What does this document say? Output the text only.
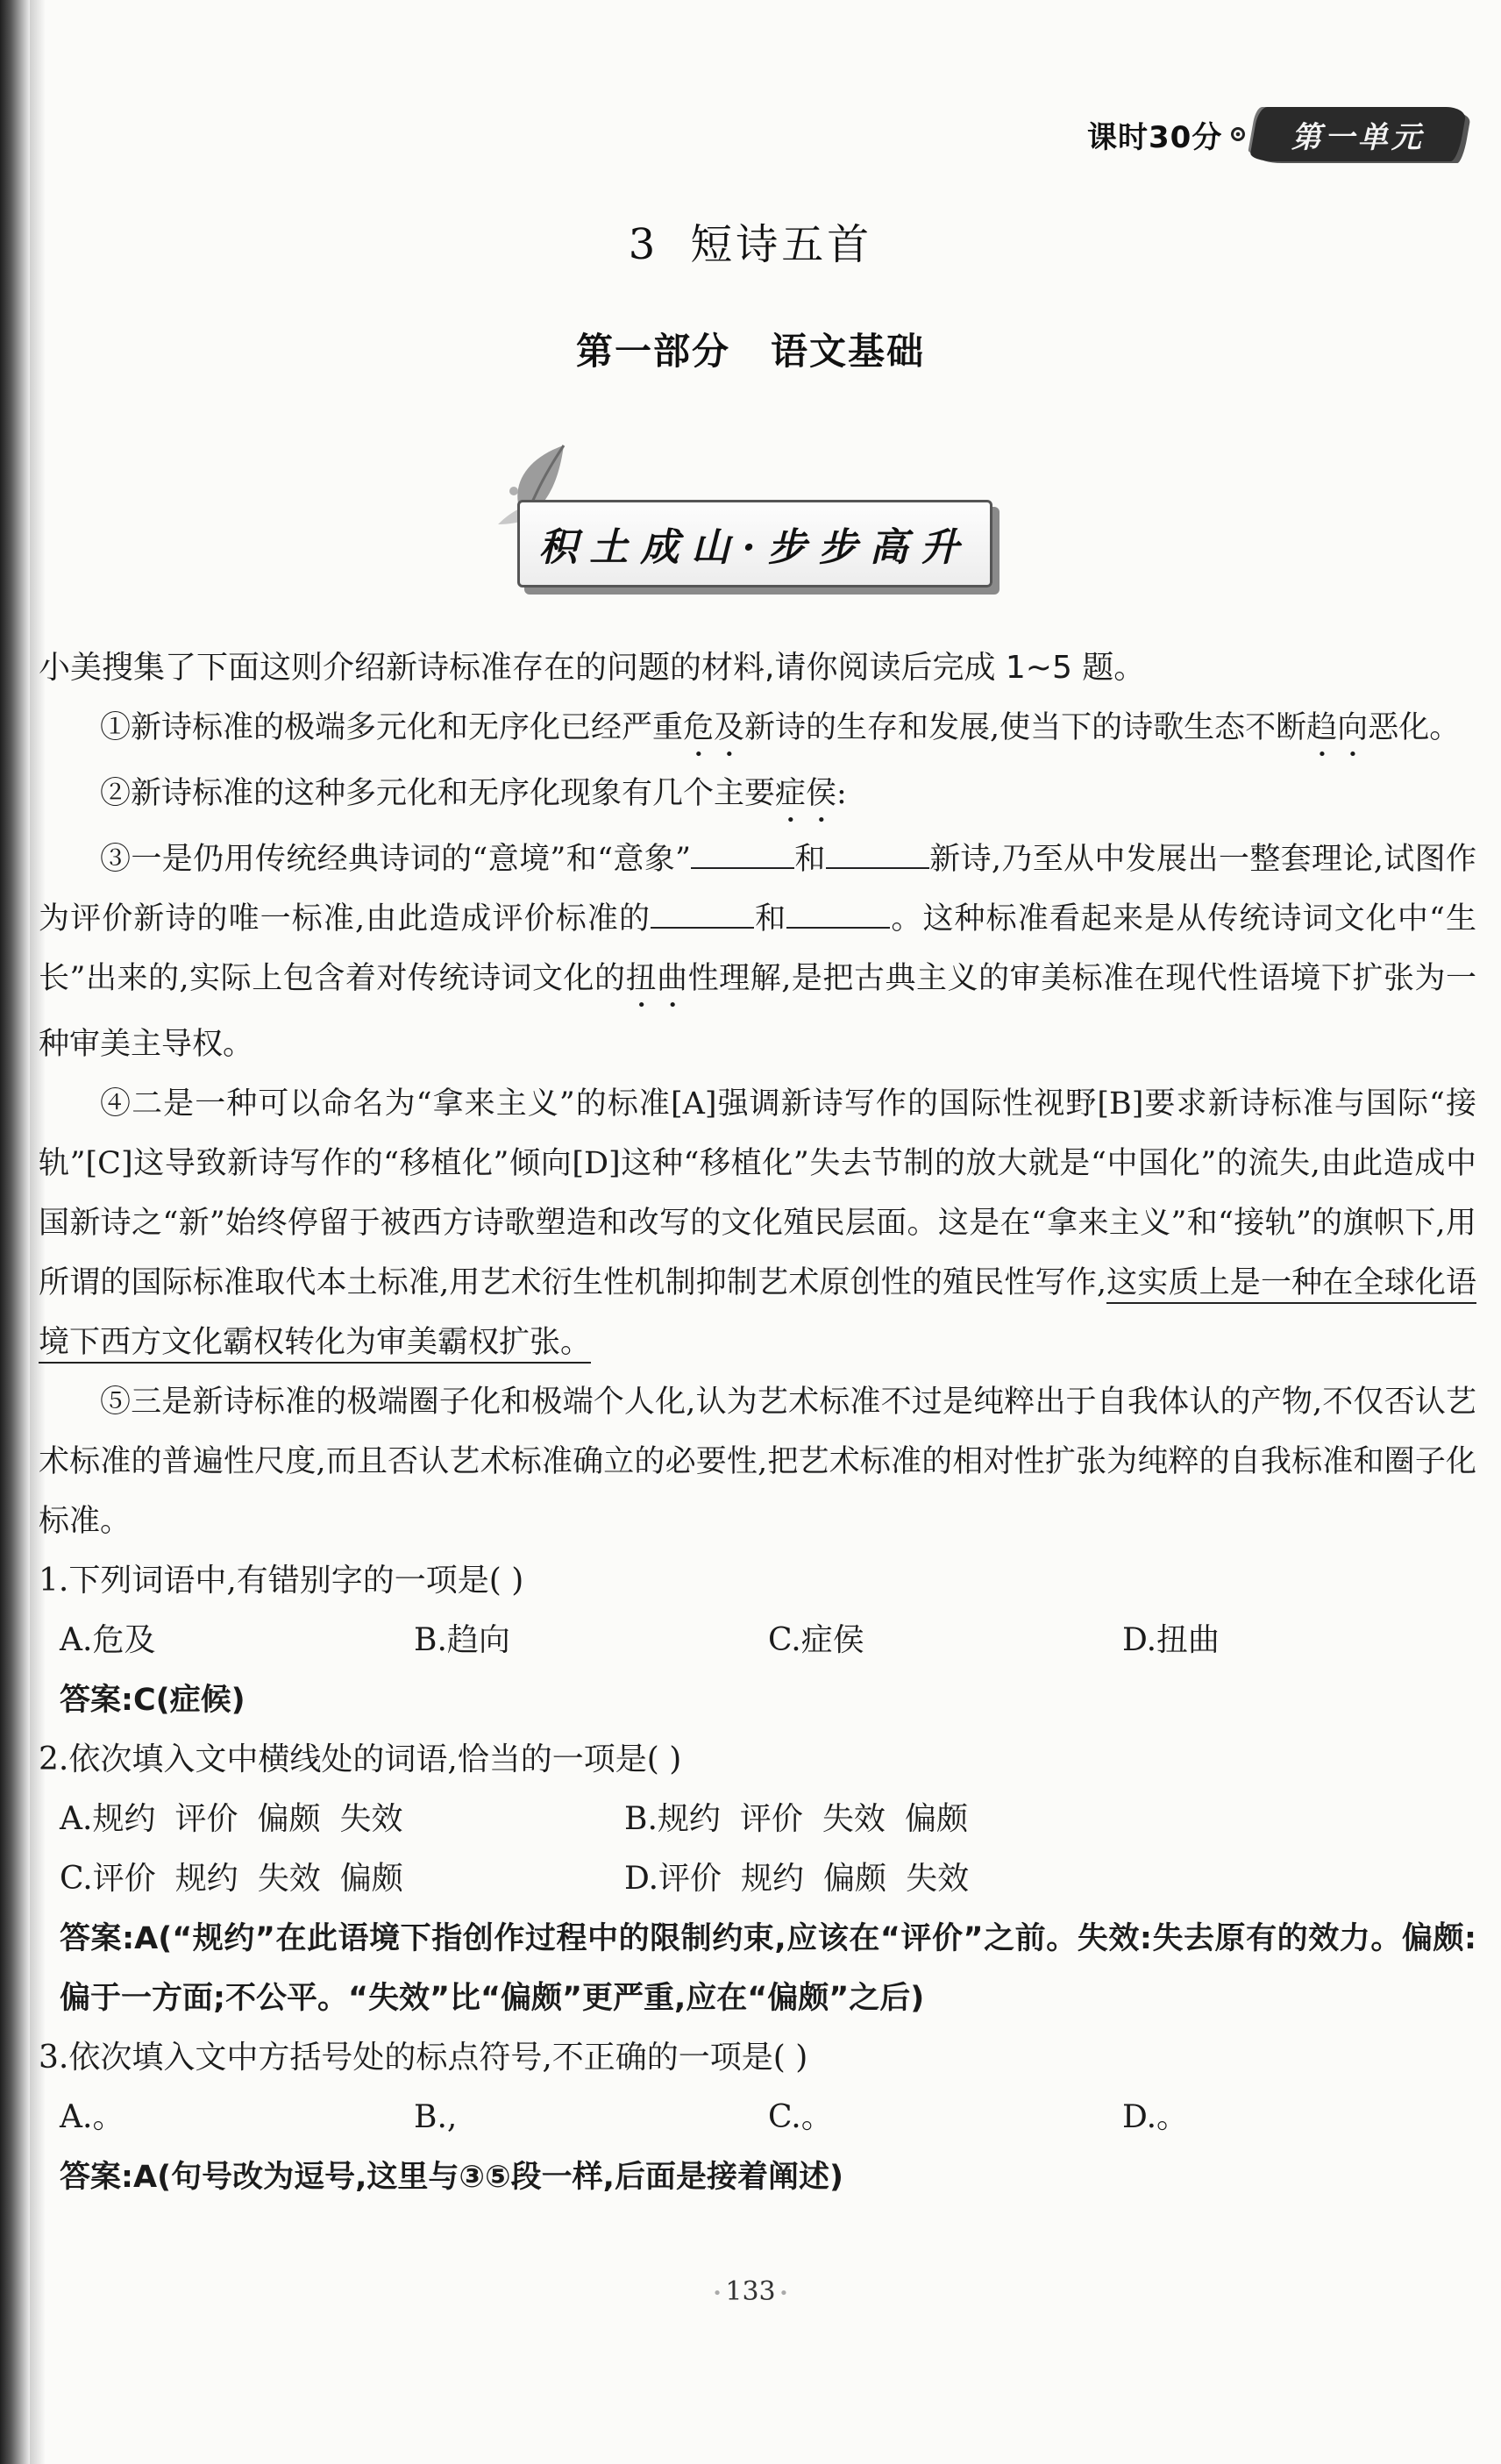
课时30分 第一单元
3 短诗五首
第一部分 语文基础
积土成山·步步高升

小美搜集了下面这则介绍新诗标准存在的问题的材料,请你阅读后完成 1~5 题。

①新诗标准的极端多元化和无序化已经严重危及新诗的生存和发展,使当下的诗歌生态不断趋向恶化。

②新诗标准的这种多元化和无序化现象有几个主要症侯:

③一是仍用传统经典诗词的“意境”和“意象”	和	新诗,乃至从中发展出一整套理论,试图作为评价新诗的唯一标准,由此造成评价标准的	和	。这种标准看起来是从传统诗词文化中“生长”出来的,实际上包含着对传统诗词文化的扭曲性理解,是把古典主义的审美标准在现代性语境下扩张为一种审美主导权。

④二是一种可以命名为“拿来主义”的标准[A]强调新诗写作的国际性视野[B]要求新诗标准与国际“接轨”[C]这导致新诗写作的“移植化”倾向[D]这种“移植化”失去节制的放大就是“中国化”的流失,由此造成中国新诗之“新”始终停留于被西方诗歌塑造和改写的文化殖民层面。这是在“拿来主义”和“接轨”的旗帜下,用所谓的国际标准取代本土标准,用艺术衍生性机制抑制艺术原创性的殖民性写作,这实质上是一种在全球化语境下西方文化霸权转化为审美霸权扩张。

⑤三是新诗标准的极端圈子化和极端个人化,认为艺术标准不过是纯粹出于自我体认的产物,不仅否认艺术标准的普遍性尺度,而且否认艺术标准确立的必要性,把艺术标准的相对性扩张为纯粹的自我标准和圈子化标准。

1.下列词语中,有错别字的一项是( )

A.危及	B.趋向	C.症侯	D.扭曲

答案:C(症候)

2.依次填入文中横线处的词语,恰当的一项是( )

A.规约 评价 偏颇 失效	B.规约 评价 失效 偏颇
C.评价 规约 失效 偏颇	D.评价 规约 偏颇 失效

答案:A(“规约”在此语境下指创作过程中的限制约束,应该在“评价”之前。失效:失去原有的效力。偏颇:偏于一方面;不公平。“失效”比“偏颇”更严重,应在“偏颇”之后)

3.依次填入文中方括号处的标点符号,不正确的一项是( )

A.。	B.,	C.。	D.。

答案:A(句号改为逗号,这里与③⑤段一样,后面是接着阐述)

• 133 •
